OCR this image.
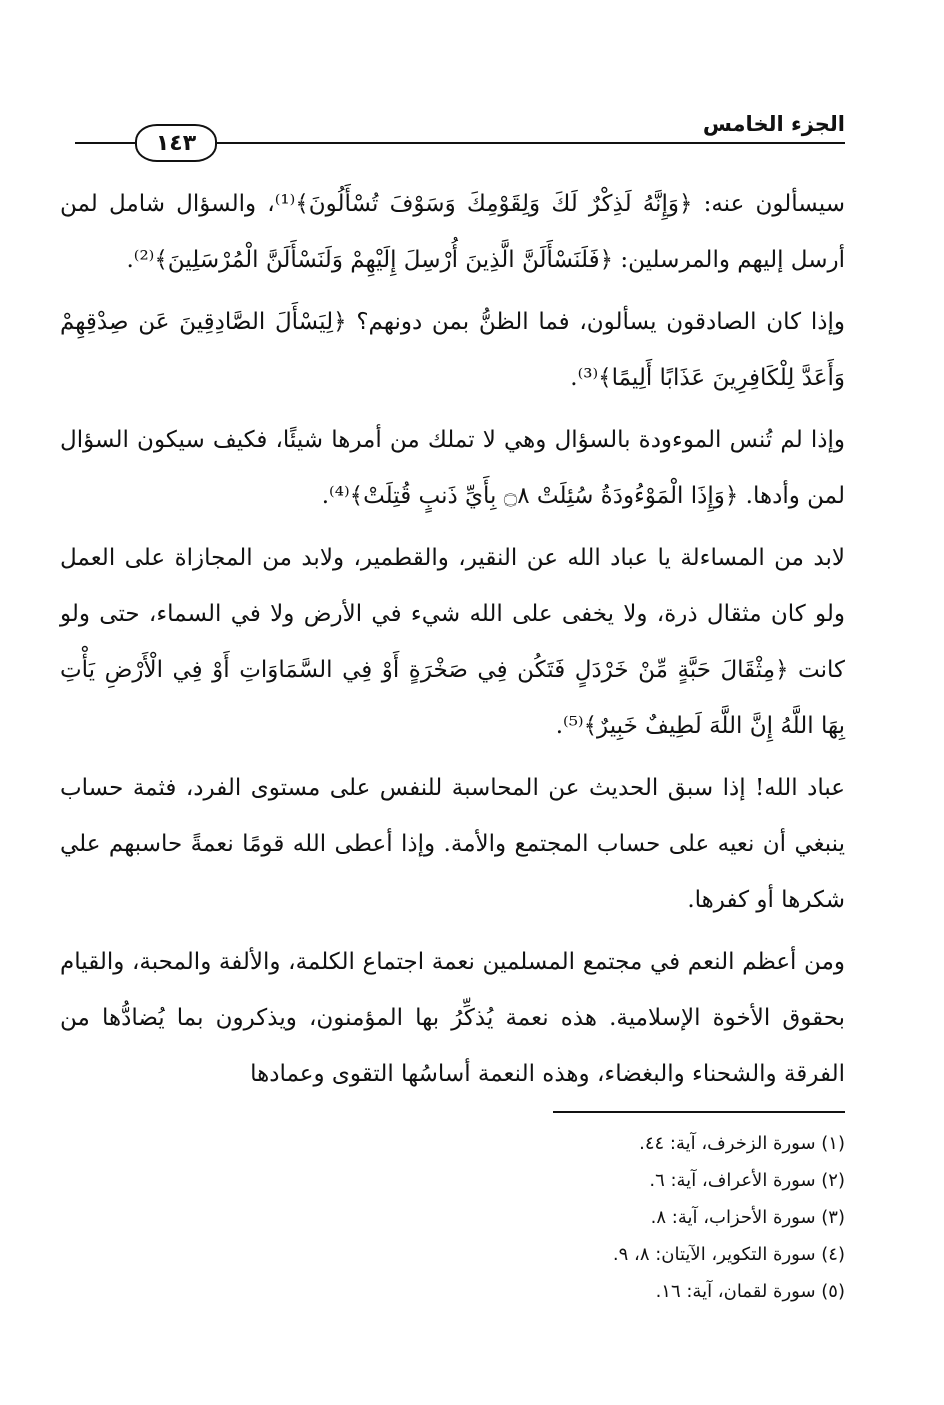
الجزء الخامس
١٤٣

سيسألون عنه: ﴿وَإِنَّهُ لَذِكْرٌ لَكَ وَلِقَوْمِكَ وَسَوْفَ تُسْأَلُونَ﴾⁽¹⁾، والسؤال شامل لمن أرسل إليهم والمرسلين: ﴿فَلَنَسْأَلَنَّ الَّذِينَ أُرْسِلَ إِلَيْهِمْ وَلَنَسْأَلَنَّ الْمُرْسَلِينَ﴾⁽²⁾.

وإذا كان الصادقون يسألون، فما الظنُّ بمن دونهم؟ ﴿لِيَسْأَلَ الصَّادِقِينَ عَن صِدْقِهِمْ وَأَعَدَّ لِلْكَافِرِينَ عَذَابًا أَلِيمًا﴾⁽³⁾.

وإذا لم تُنس الموءودة بالسؤال وهي لا تملك من أمرها شيئًا، فكيف سيكون السؤال لمن وأدها. ﴿وَإِذَا الْمَوْءُودَةُ سُئِلَتْ ۝٨ بِأَيِّ ذَنبٍ قُتِلَتْ﴾⁽⁴⁾.

لابد من المساءلة يا عباد الله عن النقير، والقطمير، ولابد من المجازاة على العمل ولو كان مثقال ذرة، ولا يخفى على الله شيء في الأرض ولا في السماء، حتى ولو كانت ﴿مِثْقَالَ حَبَّةٍ مِّنْ خَرْدَلٍ فَتَكُن فِي صَخْرَةٍ أَوْ فِي السَّمَاوَاتِ أَوْ فِي الْأَرْضِ يَأْتِ بِهَا اللَّهُ إِنَّ اللَّهَ لَطِيفٌ خَبِيرٌ﴾⁽⁵⁾.

عباد الله! إذا سبق الحديث عن المحاسبة للنفس على مستوى الفرد، فثمة حساب ينبغي أن نعيه على حساب المجتمع والأمة. وإذا أعطى الله قومًا نعمةً حاسبهم علي شكرها أو كفرها.

ومن أعظم النعم في مجتمع المسلمين نعمة اجتماع الكلمة، والألفة والمحبة، والقيام بحقوق الأخوة الإسلامية. هذه نعمة يُذكِّرُ بها المؤمنون، ويذكرون بما يُضادُّها من الفرقة والشحناء والبغضاء، وهذه النعمة أساسُها التقوى وعمادها

(١) سورة الزخرف، آية: ٤٤.
(٢) سورة الأعراف، آية: ٦.
(٣) سورة الأحزاب، آية: ٨.
(٤) سورة التكوير، الآيتان: ٨، ٩.
(٥) سورة لقمان، آية: ١٦.
